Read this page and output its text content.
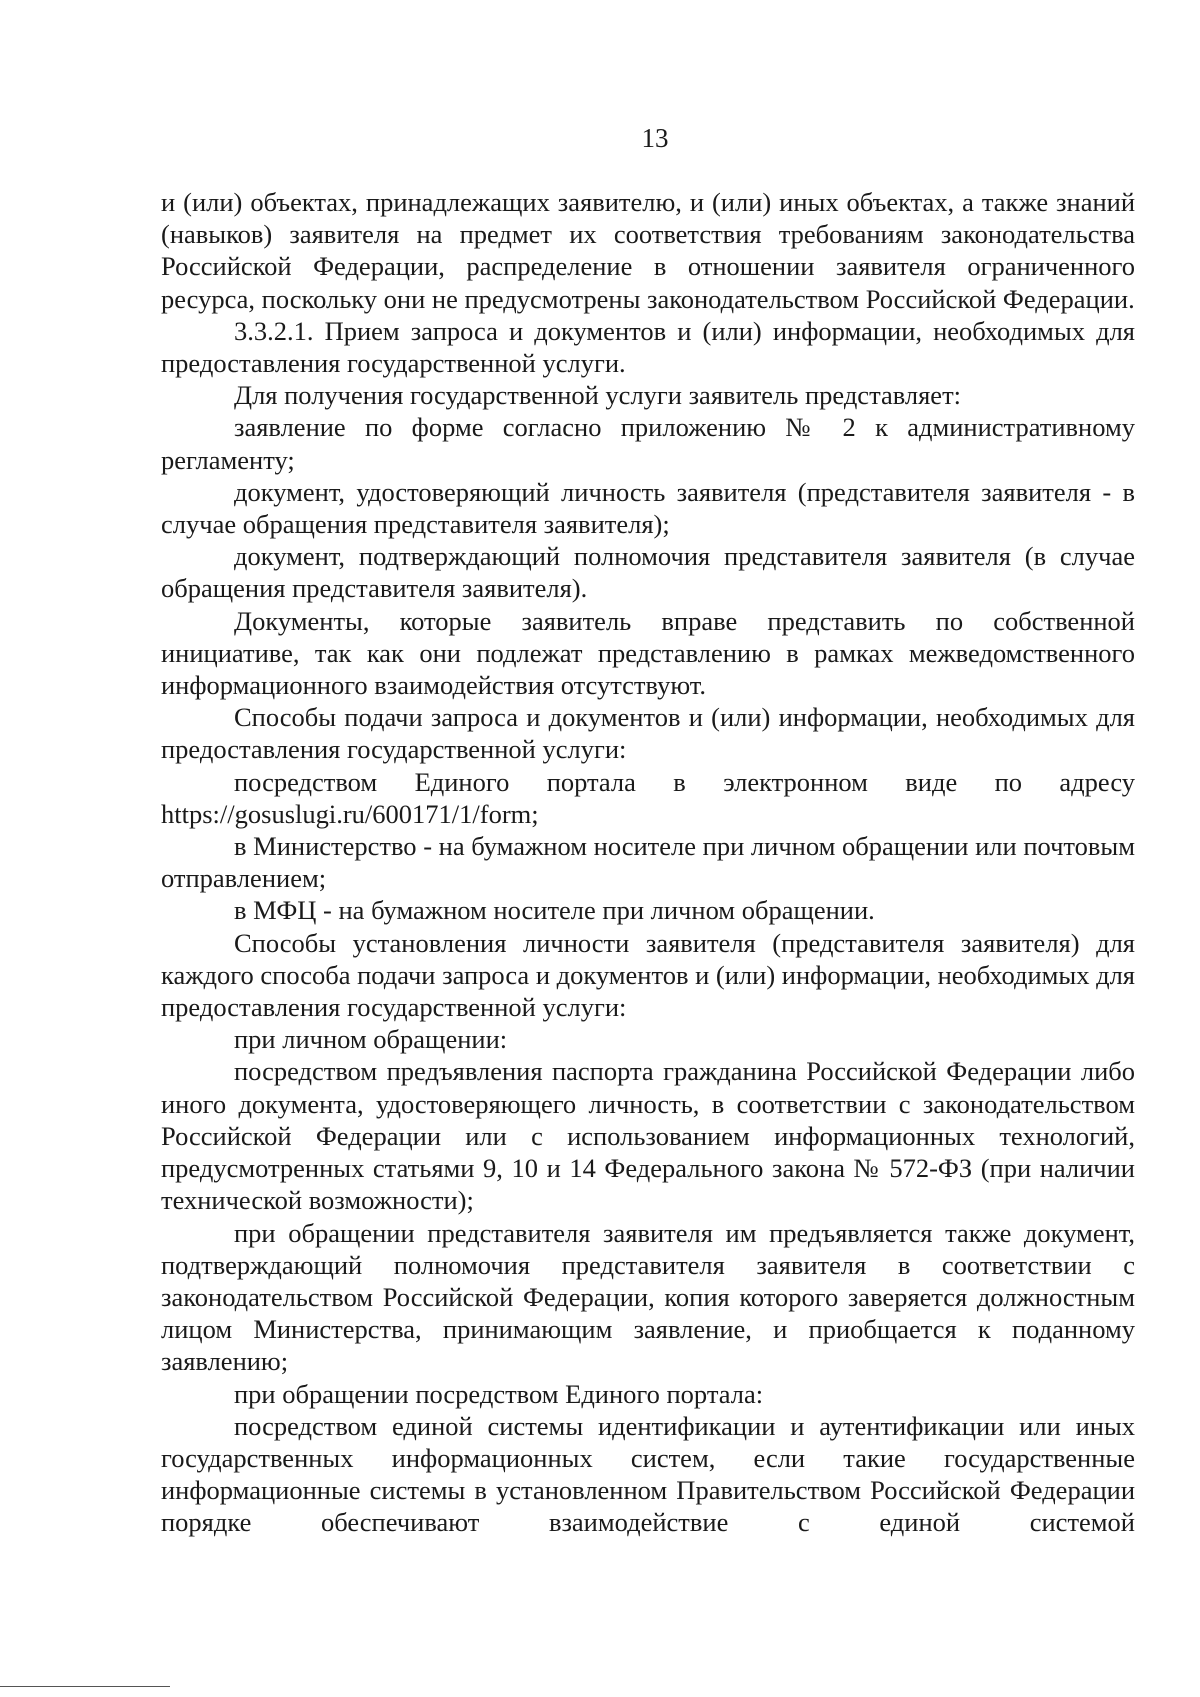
13

и (или) объектах, принадлежащих заявителю, и (или) иных объектах, а также знаний (навыков) заявителя на предмет их соответствия требованиям законодательства Российской Федерации, распределение в отношении заявителя ограниченного ресурса, поскольку они не предусмотрены законодательством Российской Федерации.

3.3.2.1. Прием запроса и документов и (или) информации, необходимых для предоставления государственной услуги.

Для получения государственной услуги заявитель представляет:

заявление по форме согласно приложению № 2 к административному регламенту;

документ, удостоверяющий личность заявителя (представителя заявителя - в случае обращения представителя заявителя);

документ, подтверждающий полномочия представителя заявителя (в случае обращения представителя заявителя).

Документы, которые заявитель вправе представить по собственной инициативе, так как они подлежат представлению в рамках межведомственного информационного взаимодействия отсутствуют.

Способы подачи запроса и документов и (или) информации, необходимых для предоставления государственной услуги:

посредством Единого портала в электронном виде по адресу https://gosuslugi.ru/600171/1/form;

в Министерство - на бумажном носителе при личном обращении или почтовым отправлением;

в МФЦ - на бумажном носителе при личном обращении.

Способы установления личности заявителя (представителя заявителя) для каждого способа подачи запроса и документов и (или) информации, необходимых для предоставления государственной услуги:

при личном обращении:

посредством предъявления паспорта гражданина Российской Федерации либо иного документа, удостоверяющего личность, в соответствии с законодательством Российской Федерации или с использованием информационных технологий, предусмотренных статьями 9, 10 и 14 Федерального закона № 572-ФЗ (при наличии технической возможности);

при обращении представителя заявителя им предъявляется также документ, подтверждающий полномочия представителя заявителя в соответствии с законодательством Российской Федерации, копия которого заверяется должностным лицом Министерства, принимающим заявление, и приобщается к поданному заявлению;

при обращении посредством Единого портала:

посредством единой системы идентификации и аутентификации или иных государственных информационных систем, если такие государственные информационные системы в установленном Правительством Российской Федерации порядке обеспечивают взаимодействие с единой системой
